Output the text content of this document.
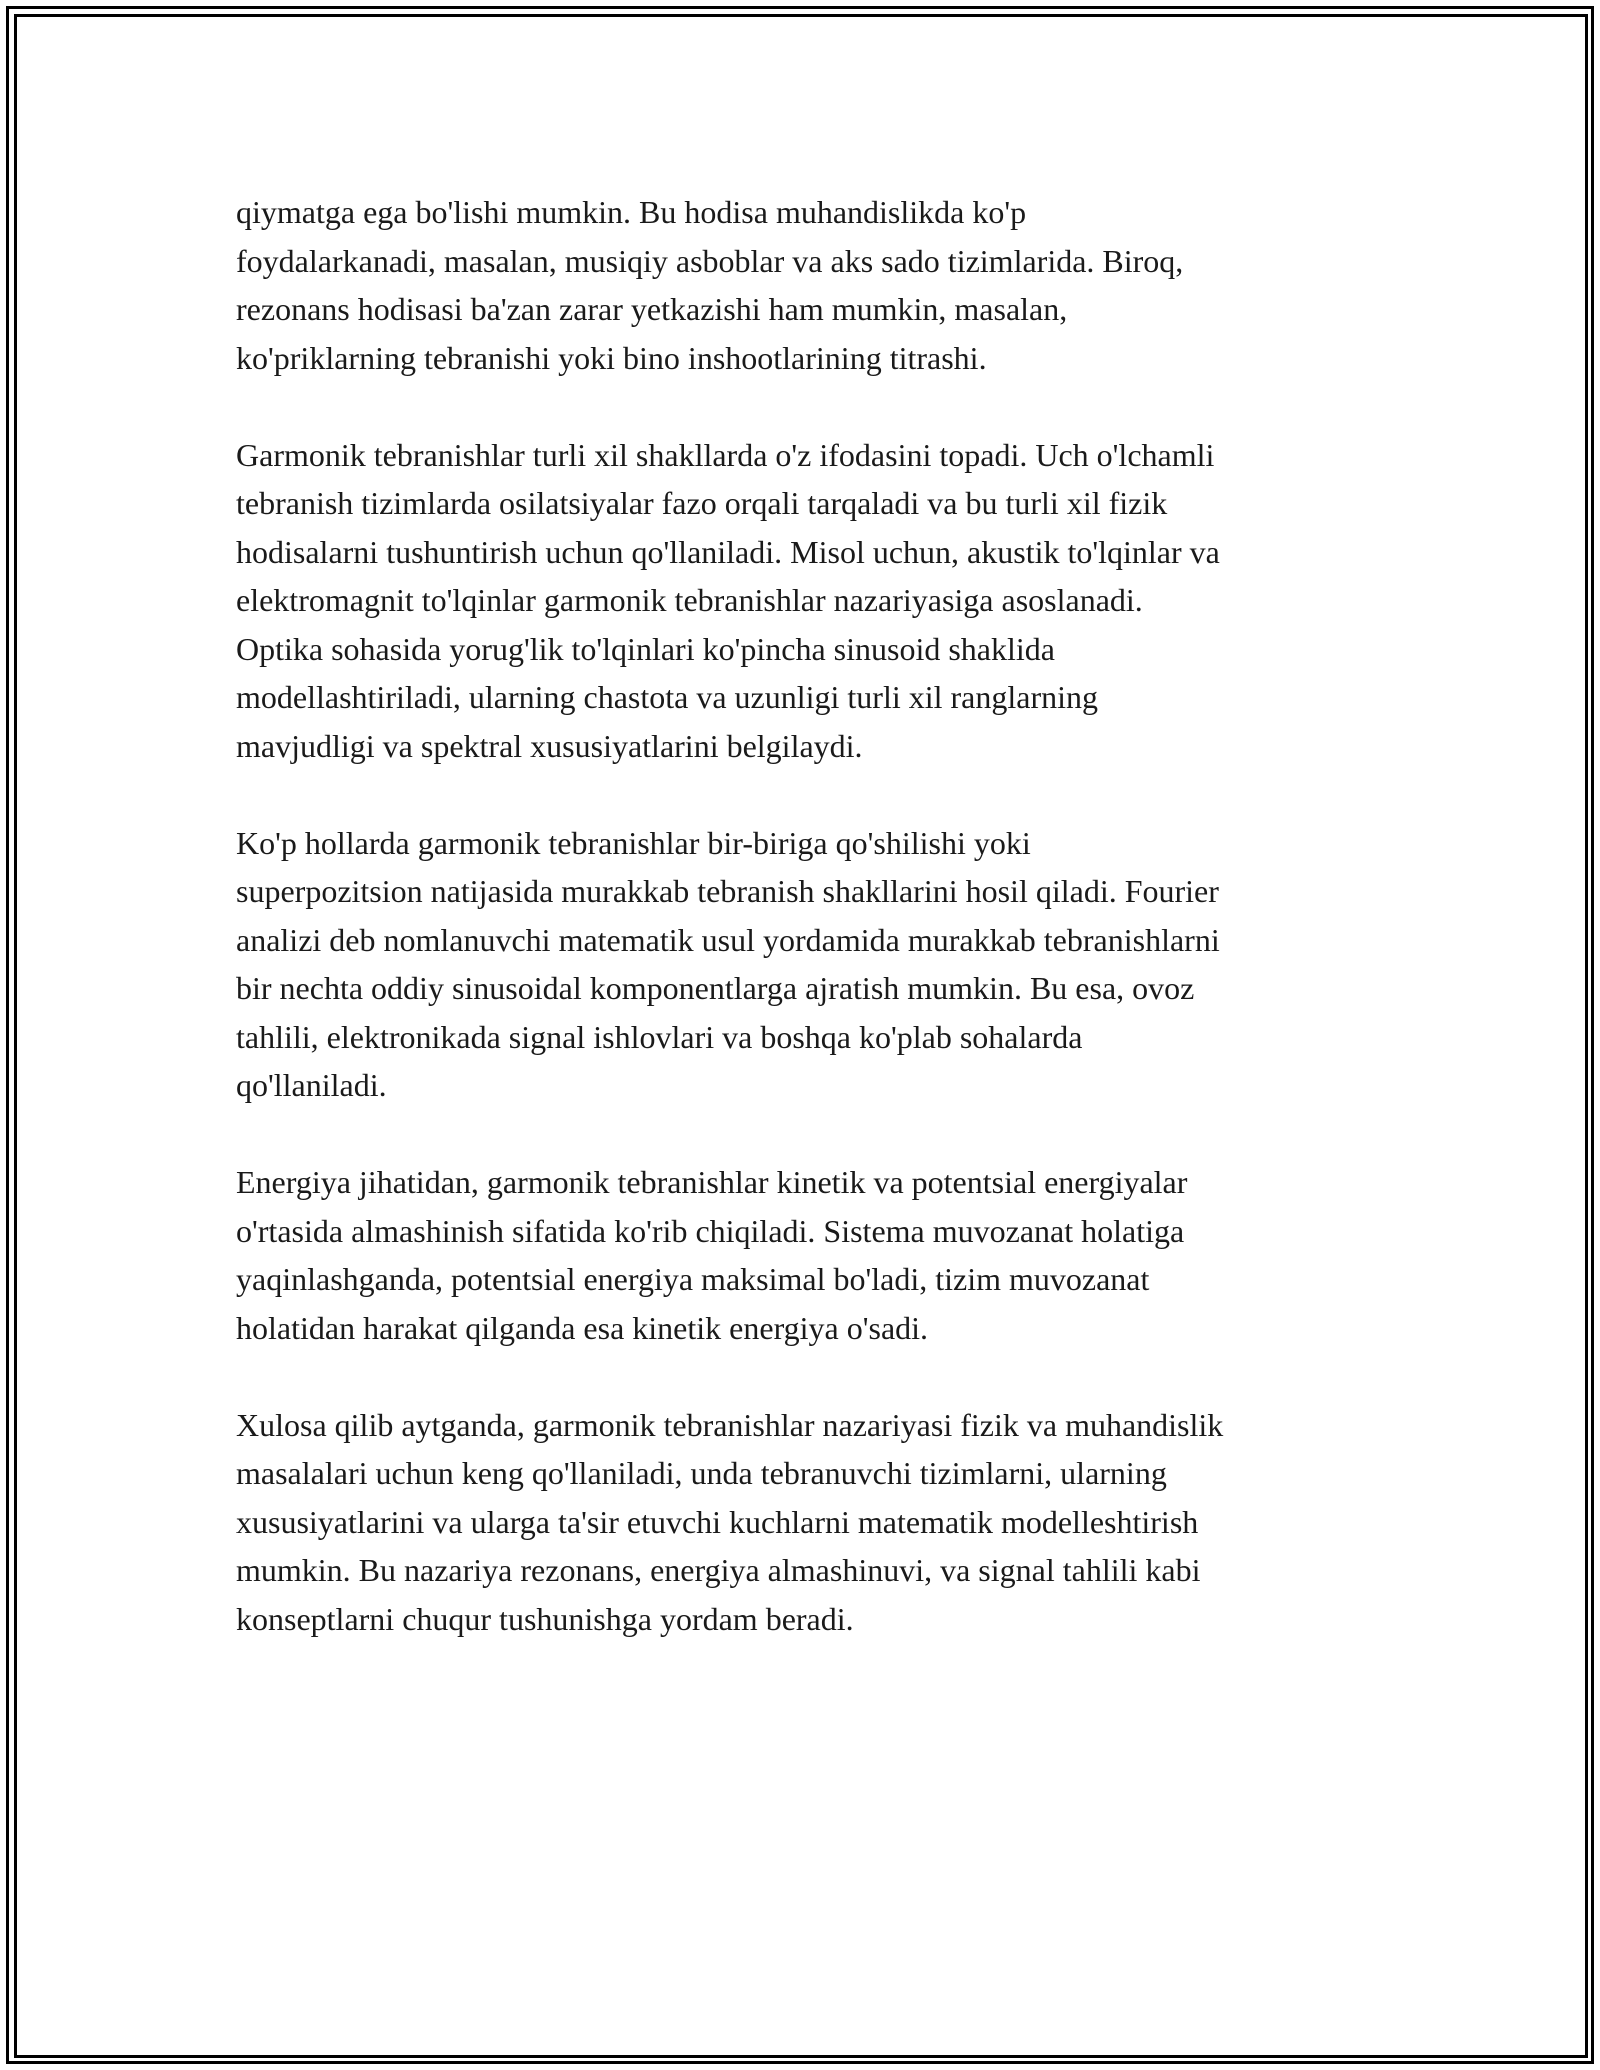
qiymatga ega bo'lishi mumkin. Bu hodisa muhandislikda ko'p
foydalarkanadi, masalan, musiqiy asboblar va aks sado tizimlarida. Biroq,
rezonans hodisasi ba'zan zarar yetkazishi ham mumkin, masalan,
ko'priklarning tebranishi yoki bino inshootlarining titrashi.

Garmonik tebranishlar turli xil shakllarda o'z ifodasini topadi. Uch o'lchamli
tebranish tizimlarda osilatsiyalar fazo orqali tarqaladi va bu turli xil fizik
hodisalarni tushuntirish uchun qo'llaniladi. Misol uchun, akustik to'lqinlar va
elektromagnit to'lqinlar garmonik tebranishlar nazariyasiga asoslanadi.
Optika sohasida yorug'lik to'lqinlari ko'pincha sinusoid shaklida
modellashtiriladi, ularning chastota va uzunligi turli xil ranglarning
mavjudligi va spektral xususiyatlarini belgilaydi.

Ko'p hollarda garmonik tebranishlar bir-biriga qo'shilishi yoki
superpozitsion natijasida murakkab tebranish shakllarini hosil qiladi. Fourier
analizi deb nomlanuvchi matematik usul yordamida murakkab tebranishlarni
bir nechta oddiy sinusoidal komponentlarga ajratish mumkin. Bu esa, ovoz
tahlili, elektronikada signal ishlovlari va boshqa ko'plab sohalarda
qo'llaniladi.

Energiya jihatidan, garmonik tebranishlar kinetik va potentsial energiyalar
o'rtasida almashinish sifatida ko'rib chiqiladi. Sistema muvozanat holatiga
yaqinlashganda, potentsial energiya maksimal bo'ladi, tizim muvozanat
holatidan harakat qilganda esa kinetik energiya o'sadi.

Xulosa qilib aytganda, garmonik tebranishlar nazariyasi fizik va muhandislik
masalalari uchun keng qo'llaniladi, unda tebranuvchi tizimlarni, ularning
xususiyatlarini va ularga ta'sir etuvchi kuchlarni matematik modelleshtirish
mumkin. Bu nazariya rezonans, energiya almashinuvi, va signal tahlili kabi
konseptlarni chuqur tushunishga yordam beradi.
